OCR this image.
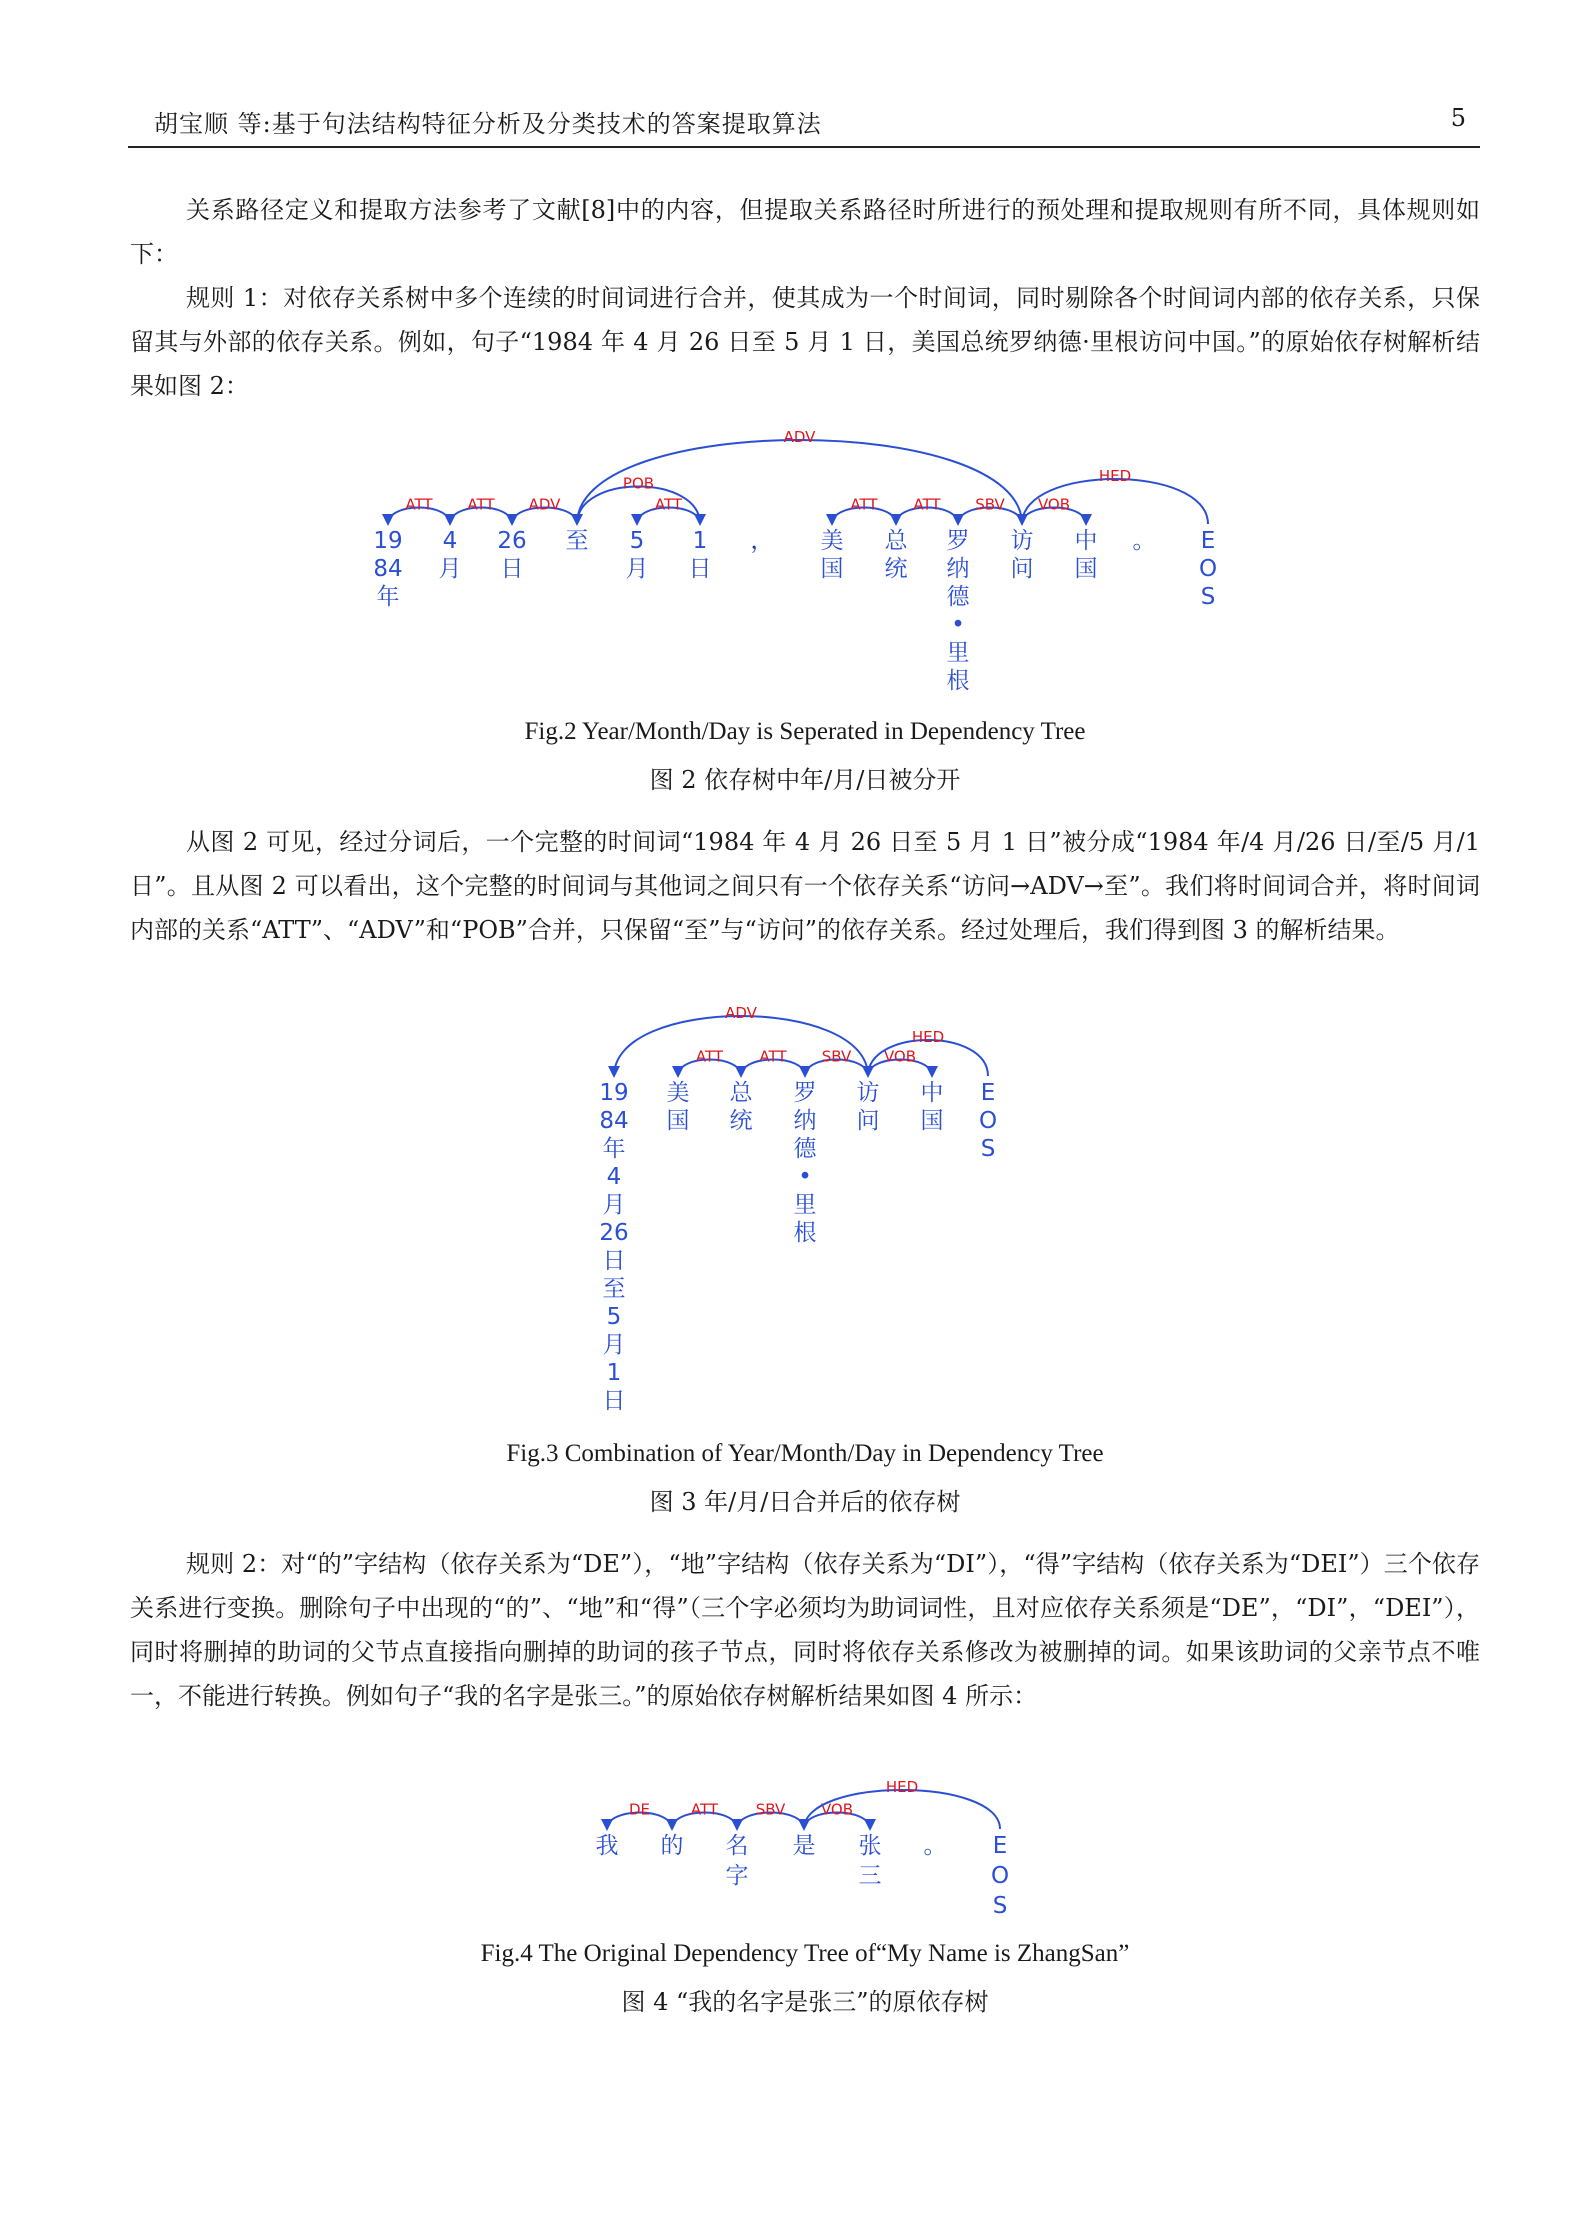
胡宝顺 等:基于句法结构特征分析及分类技术的答案提取算法	5

关系路径定义和提取方法参考了文献[8]中的内容，但提取关系路径时所进行的预处理和提取规则有所不同，具体规则如下：

规则 1：对依存关系树中多个连续的时间词进行合并，使其成为一个时间词，同时剔除各个时间词内部的依存关系，只保留其与外部的依存关系。例如，句子“1984 年 4 月 26 日至 5 月 1 日，美国总统罗纳德·里根访问中国。”的原始依存树解析结果如图 2：

19
84
年
4
月
26
日
至 5
月
1
日
， 美
国
总
统
罗
纳
德
•
里
根
访
问
中
国
。 E
O
S
ATT ATT ADV
POB
ATT
ADV
ATT ATT SBV VOB
HED
Fig.2 Year/Month/Day is Seperated in Dependency Tree
图 2 依存树中年/月/日被分开

从图 2 可见，经过分词后，一个完整的时间词“1984 年 4 月 26 日至 5 月 1 日”被分成“1984 年/4 月/26 日/至/5 月/1 日”。且从图 2 可以看出，这个完整的时间词与其他词之间只有一个依存关系“访问→ADV→至”。我们将时间词合并，将时间词内部的关系“ATT”、“ADV”和“POB”合并，只保留“至”与“访问”的依存关系。经过处理后，我们得到图 3 的解析结果。

19
84
年
4
月
26
日
至
5
月
1
日
美
国
总
统
罗
纳
德
•
里
根
访
问
中
国
E
O
S
ADV
ATT ATT SBV VOB
HED
Fig.3 Combination of Year/Month/Day in Dependency Tree
图 3 年/月/日合并后的依存树

规则 2：对“的”字结构（依存关系为“DE”），“地”字结构（依存关系为“DI”），“得”字结构（依存关系为“DEI”）三个依存关系进行变换。删除句子中出现的“的”、“地”和“得”（三个字必须均为助词词性，且对应依存关系须是“DE”，“DI”，“DEI”），同时将删掉的助词的父节点直接指向删掉的助词的孩子节点，同时将依存关系修改为被删掉的词。如果该助词的父亲节点不唯一，不能进行转换。例如句子“我的名字是张三。”的原始依存树解析结果如图 4 所示：

我 的 名
字
是 张
三
。 E
O
S
DE	ATT	SBV VOB
HED
Fig.4 The Original Dependency Tree of“My Name is ZhangSan”
图 4 “我的名字是张三”的原依存树
